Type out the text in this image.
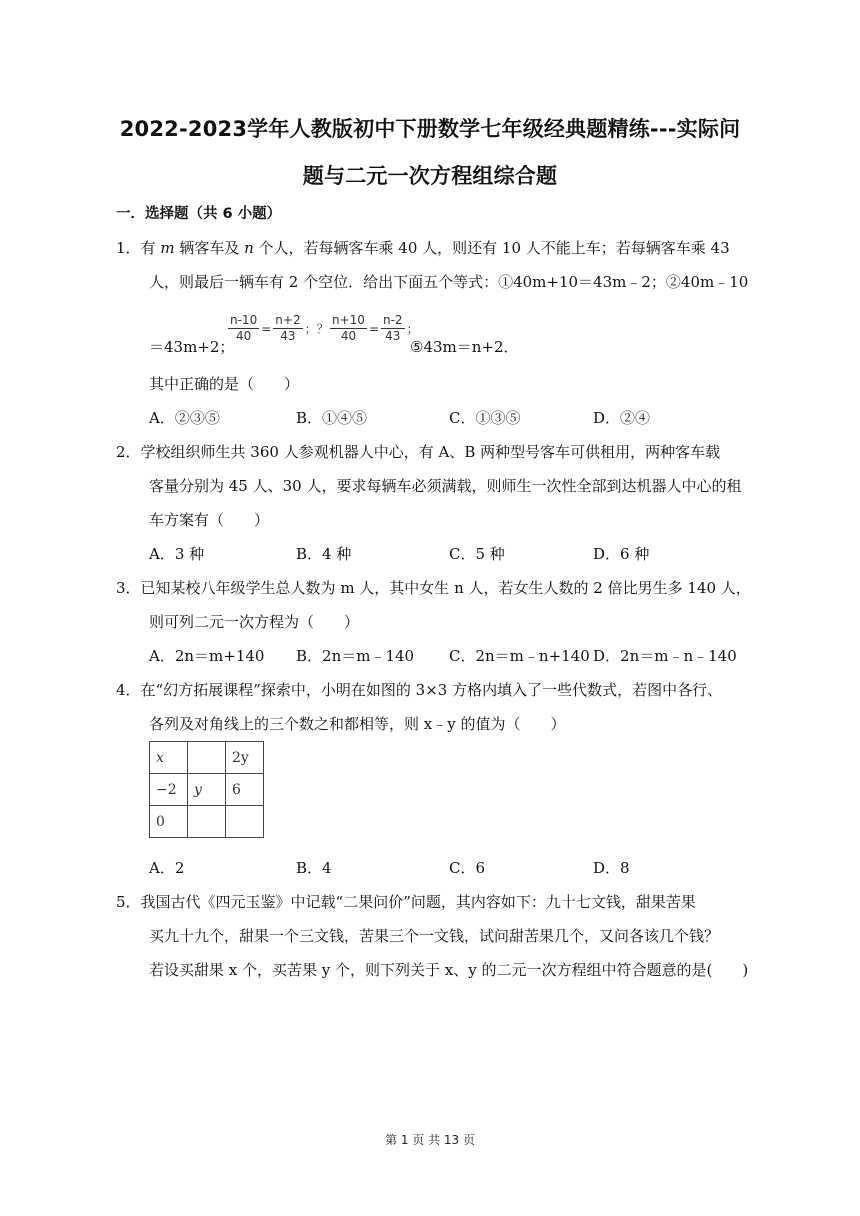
2022-2023学年人教版初中下册数学七年级经典题精练---实际问
题与二元一次方程组综合题
一．选择题（共 6 小题）
1．有 m 辆客车及 n 个人，若每辆客车乘 40 人，则还有 10 人不能上车；若每辆客车乘 43
人，则最后一辆车有 2 个空位．给出下面五个等式：①40m+10＝43m﹣2；②40m﹣10
＝43m+2；
$\frac{n-10}{40} = \frac{n+2}{43}$ ；？ $\frac{n+10}{40} = \frac{n-2}{43}$ ；
⑤43m＝n+2．
其中正确的是（　　）
A．②③⑤	B．①④⑤	C．①③⑤	D．②④
2．学校组织师生共 360 人参观机器人中心，有 A、B 两种型号客车可供租用，两种客车载
客量分别为 45 人、30 人，要求每辆车必须满载，则师生一次性全部到达机器人中心的租
车方案有（　　）
A．3 种	B．4 种	C．5 种	D．6 种
3．已知某校八年级学生总人数为 m 人，其中女生 n 人，若女生人数的 2 倍比男生多 140 人，
则可列二元一次方程为（　　）
A．2n＝m+140 B．2n＝m﹣140 C．2n＝m﹣n+140 D．2n＝m﹣n﹣140
4．在“幻方拓展课程”探索中，小明在如图的 3×3 方格内填入了一些代数式，若图中各行、
各列及对角线上的三个数之和都相等，则 x﹣y 的值为（　　）
x		2y
−2	y	6
0		
A．2	B．4	C．6	D．8
5．我国古代《四元玉鉴》中记载“二果问价”问题，其内容如下：九十七文钱，甜果苦果
买九十九个，甜果一个三文钱，苦果三个一文钱，试问甜苦果几个，又问各该几个钱？
若设买甜果 x 个，买苦果 y 个，则下列关于 x、y 的二元一次方程组中符合题意的是(　　)
第 1 页 共 13 页
